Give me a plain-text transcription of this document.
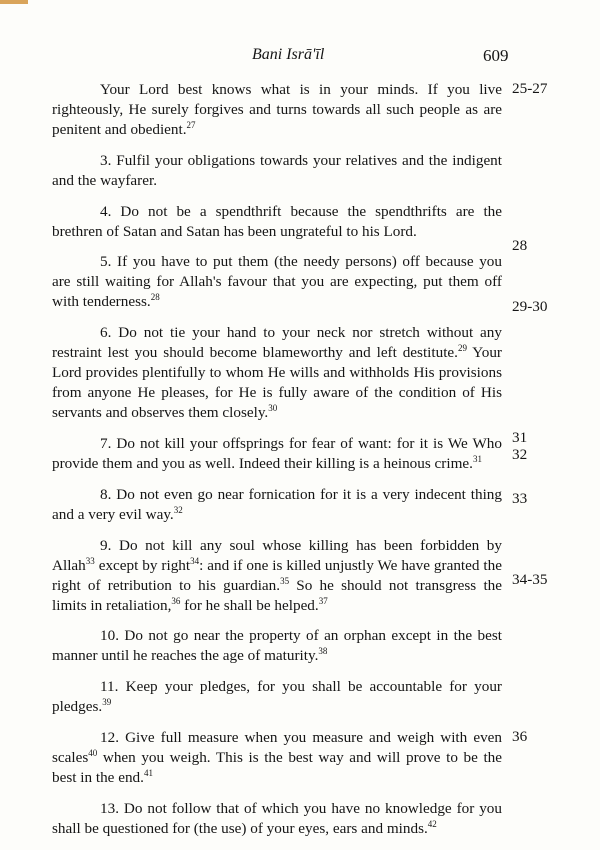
Bani Isrā'īl	609

Your Lord best knows what is in your minds. If you live righteously, He surely forgives and turns towards all such people as are penitent and obedient.$^{27}$

3. Fulfil your obligations towards your relatives and the indigent and the wayfarer.

4. Do not be a spendthrift because the spendthrifts are the brethren of Satan and Satan has been ungrateful to his Lord.

5. If you have to put them (the needy persons) off because you are still waiting for Allah's favour that you are expecting, put them off with tenderness.$^{28}$

6. Do not tie your hand to your neck nor stretch without any restraint lest you should become blameworthy and left destitute.$^{29}$ Your Lord provides plentifully to whom He wills and withholds His provisions from anyone He pleases, for He is fully aware of the condition of His servants and observes them closely.$^{30}$

7. Do not kill your offsprings for fear of want: for it is We Who provide them and you as well. Indeed their killing is a heinous crime.$^{31}$

8. Do not even go near fornication for it is a very indecent thing and a very evil way.$^{32}$

9. Do not kill any soul whose killing has been forbidden by Allah$^{33}$ except by right$^{34}$: and if one is killed unjustly We have granted the right of retribution to his guardian.$^{35}$ So he should not transgress the limits in retaliation,$^{36}$ for he shall be helped.$^{37}$

10. Do not go near the property of an orphan except in the best manner until he reaches the age of maturity.$^{38}$

11. Keep your pledges, for you shall be accountable for your pledges.$^{39}$

12. Give full measure when you measure and weigh with even scales$^{40}$ when you weigh. This is the best way and will prove to be the best in the end.$^{41}$

13. Do not follow that of which you have no knowledge for you shall be questioned for (the use) of your eyes, ears and minds.$^{42}$

25-27
28
29-30
31
32
33
34-35
36
